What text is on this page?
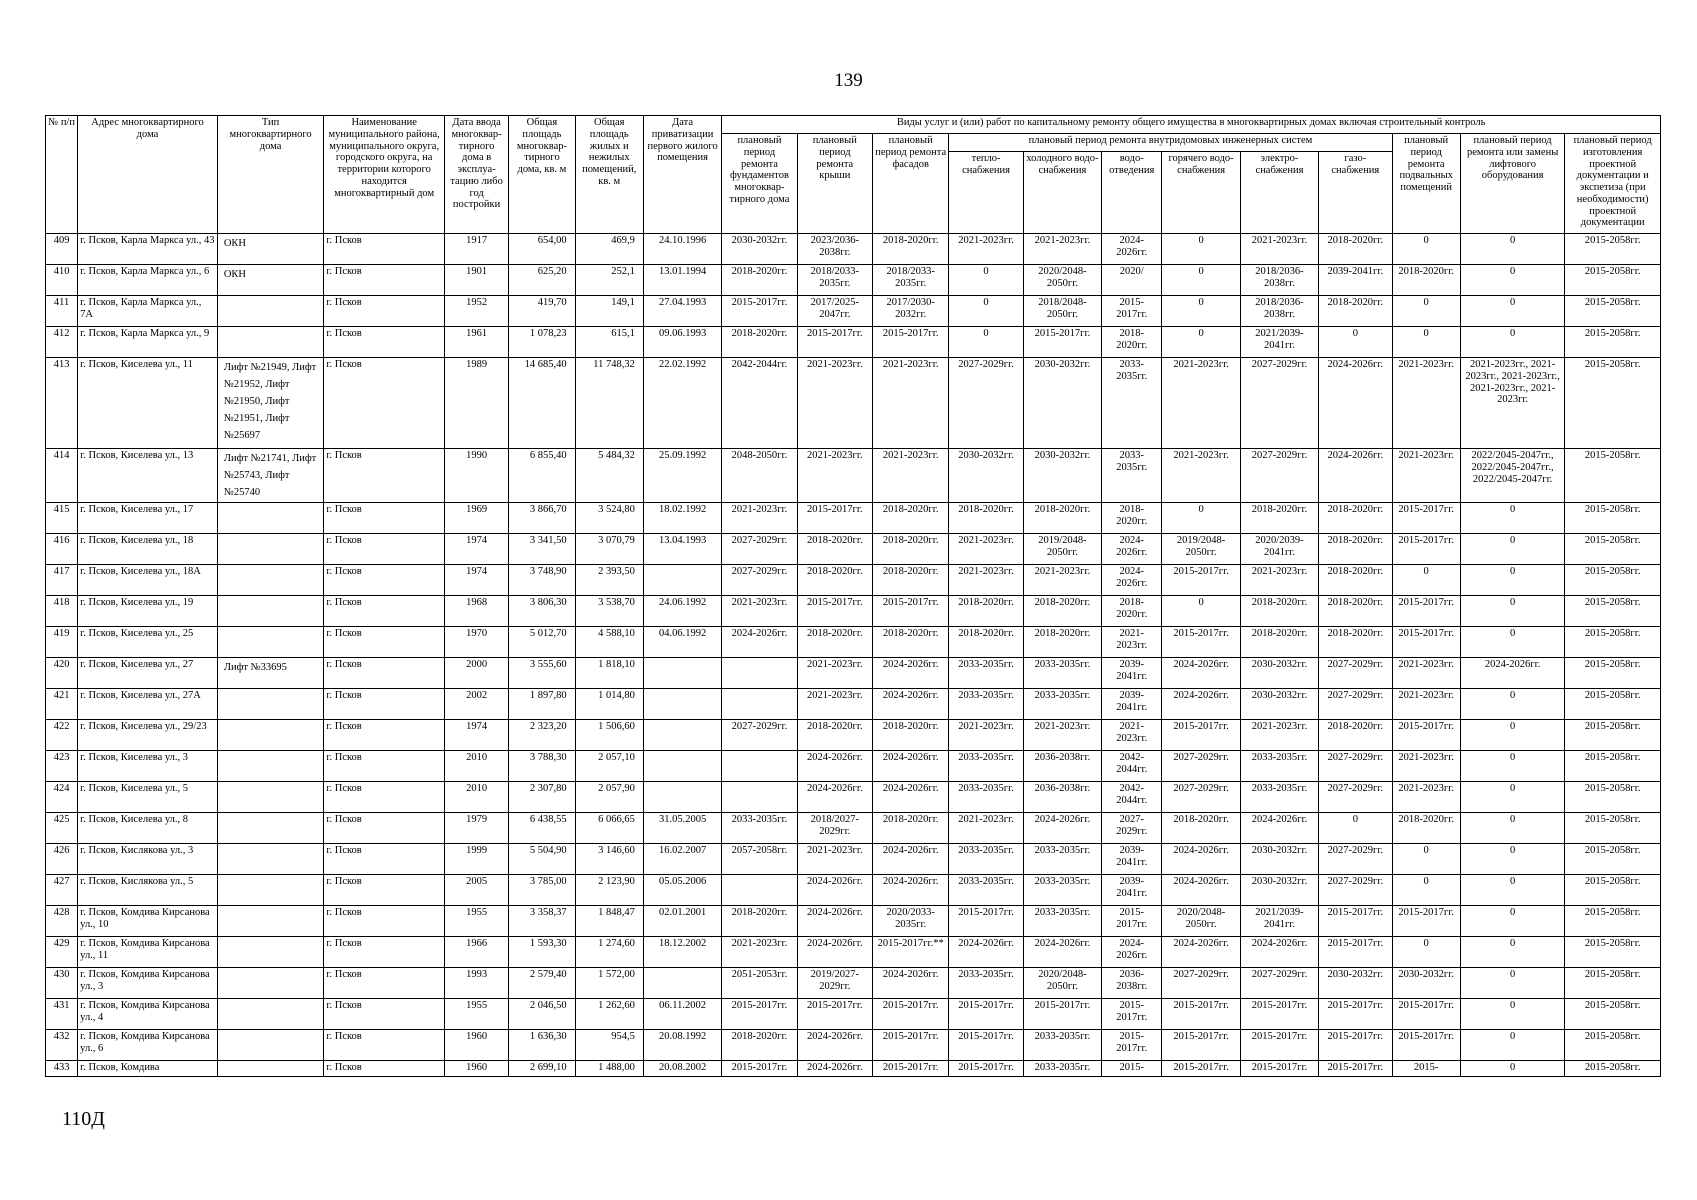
139
№ п/п	Адрес многоквартирного дома	Тип многоквартирного дома	Наименование муниципального района, муниципального округа, городского округа, на территории которого находится многоквартирный дом	Дата ввода многоквар-тирного дома в эксплуа-тацию либо год постройки	Общая площадь многоквар-тирного дома, кв. м	Общая площадь жилых и нежилых помещений, кв. м	Дата приватизации первого жилого помещения	Виды услуг и (или) работ по капитальному ремонту общего имущества в многоквартирных домах включая строительный контроль											
								плановый период ремонта фундаментов многоквар-тирного дома	плановый период ремонта крыши	плановый период ремонта фасадов	плановый период ремонта внутридомовых инженерных систем						плановый период ремонта подвальных помещений	плановый период ремонта или замены лифтового оборудования	плановый период изготовления проектной документации и экспетиза (при необходимости) проектной документации
											тепло-снабжения	холодного водо-снабжения	водо-отведения	горячего водо-снабжения	электро-снабжения	газо-снабжения			
409	г. Псков, Карла Маркса ул., 43	ОКН	г. Псков	1917	654,00	469,9	24.10.1996	2030-2032гг.	2023/2036-2038гг.	2018-2020гг.	2021-2023гг.	2021-2023гг.	2024-2026гг.	0	2021-2023гг.	2018-2020гг.	0	0	2015-2058гг.
410	г. Псков, Карла Маркса ул., 6	ОКН	г. Псков	1901	625,20	252,1	13.01.1994	2018-2020гг.	2018/2033-2035гг.	2018/2033-2035гг.	0	2020/2048-2050гг.	2020/	0	2018/2036-2038гг.	2039-2041гг.	2018-2020гг.	0	2015-2058гг.
411	г. Псков, Карла Маркса ул., 7А		г. Псков	1952	419,70	149,1	27.04.1993	2015-2017гг.	2017/2025-2047гг.	2017/2030-2032гг.	0	2018/2048-2050гг.	2015-2017гг.	0	2018/2036-2038гг.	2018-2020гг.	0	0	2015-2058гг.
412	г. Псков, Карла Маркса ул., 9		г. Псков	1961	1 078,23	615,1	09.06.1993	2018-2020гг.	2015-2017гг.	2015-2017гг.	0	2015-2017гг.	2018-2020гг.	0	2021/2039-2041гг.	0	0	0	2015-2058гг.
413	г. Псков, Киселева ул., 11	Лифт №21949, Лифт №21952, Лифт №21950, Лифт №21951, Лифт №25697	г. Псков	1989	14 685,40	11 748,32	22.02.1992	2042-2044гг.	2021-2023гг.	2021-2023гг.	2027-2029гг.	2030-2032гг.	2033-2035гг.	2021-2023гг.	2027-2029гг.	2024-2026гг.	2021-2023гг.	2021-2023гг., 2021-2023гг., 2021-2023гг., 2021-2023гг., 2021-2023гг.	2015-2058гг.
414	г. Псков, Киселева ул., 13	Лифт №21741, Лифт №25743, Лифт №25740	г. Псков	1990	6 855,40	5 484,32	25.09.1992	2048-2050гг.	2021-2023гг.	2021-2023гг.	2030-2032гг.	2030-2032гг.	2033-2035гг.	2021-2023гг.	2027-2029гг.	2024-2026гг.	2021-2023гг.	2022/2045-2047гг., 2022/2045-2047гг., 2022/2045-2047гг.	2015-2058гг.
415	г. Псков, Киселева ул., 17		г. Псков	1969	3 866,70	3 524,80	18.02.1992	2021-2023гг.	2015-2017гг.	2018-2020гг.	2018-2020гг.	2018-2020гг.	2018-2020гг.	0	2018-2020гг.	2018-2020гг.	2015-2017гг.	0	2015-2058гг.
416	г. Псков, Киселева ул., 18		г. Псков	1974	3 341,50	3 070,79	13.04.1993	2027-2029гг.	2018-2020гг.	2018-2020гг.	2021-2023гг.	2019/2048-2050гг.	2024-2026гг.	2019/2048-2050гг.	2020/2039-2041гг.	2018-2020гг.	2015-2017гг.	0	2015-2058гг.
417	г. Псков, Киселева ул., 18А		г. Псков	1974	3 748,90	2 393,50		2027-2029гг.	2018-2020гг.	2018-2020гг.	2021-2023гг.	2021-2023гг.	2024-2026гг.	2015-2017гг.	2021-2023гг.	2018-2020гг.	0	0	2015-2058гг.
418	г. Псков, Киселева ул., 19		г. Псков	1968	3 806,30	3 538,70	24.06.1992	2021-2023гг.	2015-2017гг.	2015-2017гг.	2018-2020гг.	2018-2020гг.	2018-2020гг.	0	2018-2020гг.	2018-2020гг.	2015-2017гг.	0	2015-2058гг.
419	г. Псков, Киселева ул., 25		г. Псков	1970	5 012,70	4 588,10	04.06.1992	2024-2026гг.	2018-2020гг.	2018-2020гг.	2018-2020гг.	2018-2020гг.	2021-2023гг.	2015-2017гг.	2018-2020гг.	2018-2020гг.	2015-2017гг.	0	2015-2058гг.
420	г. Псков, Киселева ул., 27	Лифт №33695	г. Псков	2000	3 555,60	1 818,10			2021-2023гг.	2024-2026гг.	2033-2035гг.	2033-2035гг.	2039-2041гг.	2024-2026гг.	2030-2032гг.	2027-2029гг.	2021-2023гг.	2024-2026гг.	2015-2058гг.
421	г. Псков, Киселева ул., 27А		г. Псков	2002	1 897,80	1 014,80			2021-2023гг.	2024-2026гг.	2033-2035гг.	2033-2035гг.	2039-2041гг.	2024-2026гг.	2030-2032гг.	2027-2029гг.	2021-2023гг.	0	2015-2058гг.
422	г. Псков, Киселева ул., 29/23		г. Псков	1974	2 323,20	1 506,60		2027-2029гг.	2018-2020гг.	2018-2020гг.	2021-2023гг.	2021-2023гг.	2021-2023гг.	2015-2017гг.	2021-2023гг.	2018-2020гг.	2015-2017гг.	0	2015-2058гг.
423	г. Псков, Киселева ул., 3		г. Псков	2010	3 788,30	2 057,10			2024-2026гг.	2024-2026гг.	2033-2035гг.	2036-2038гг.	2042-2044гг.	2027-2029гг.	2033-2035гг.	2027-2029гг.	2021-2023гг.	0	2015-2058гг.
424	г. Псков, Киселева ул., 5		г. Псков	2010	2 307,80	2 057,90			2024-2026гг.	2024-2026гг.	2033-2035гг.	2036-2038гг.	2042-2044гг.	2027-2029гг.	2033-2035гг.	2027-2029гг.	2021-2023гг.	0	2015-2058гг.
425	г. Псков, Киселева ул., 8		г. Псков	1979	6 438,55	6 066,65	31.05.2005	2033-2035гг.	2018/2027-2029гг.	2018-2020гг.	2021-2023гг.	2024-2026гг.	2027-2029гг.	2018-2020гг.	2024-2026гг.	0	2018-2020гг.	0	2015-2058гг.
426	г. Псков, Кислякова ул., 3		г. Псков	1999	5 504,90	3 146,60	16.02.2007	2057-2058гг.	2021-2023гг.	2024-2026гг.	2033-2035гг.	2033-2035гг.	2039-2041гг.	2024-2026гг.	2030-2032гг.	2027-2029гг.	0	0	2015-2058гг.
427	г. Псков, Кислякова ул., 5		г. Псков	2005	3 785,00	2 123,90	05.05.2006		2024-2026гг.	2024-2026гг.	2033-2035гг.	2033-2035гг.	2039-2041гг.	2024-2026гг.	2030-2032гг.	2027-2029гг.	0	0	2015-2058гг.
428	г. Псков, Комдива Кирсанова ул., 10		г. Псков	1955	3 358,37	1 848,47	02.01.2001	2018-2020гг.	2024-2026гг.	2020/2033-2035гг.	2015-2017гг.	2033-2035гг.	2015-2017гг.	2020/2048-2050гг.	2021/2039-2041гг.	2015-2017гг.	2015-2017гг.	0	2015-2058гг.
429	г. Псков, Комдива Кирсанова ул., 11		г. Псков	1966	1 593,30	1 274,60	18.12.2002	2021-2023гг.	2024-2026гг.	2015-2017гг.**	2024-2026гг.	2024-2026гг.	2024-2026гг.	2024-2026гг.	2024-2026гг.	2015-2017гг.	0	0	2015-2058гг.
430	г. Псков, Комдива Кирсанова ул., 3		г. Псков	1993	2 579,40	1 572,00		2051-2053гг.	2019/2027-2029гг.	2024-2026гг.	2033-2035гг.	2020/2048-2050гг.	2036-2038гг.	2027-2029гг.	2027-2029гг.	2030-2032гг.	2030-2032гг.	0	2015-2058гг.
431	г. Псков, Комдива Кирсанова ул., 4		г. Псков	1955	2 046,50	1 262,60	06.11.2002	2015-2017гг.	2015-2017гг.	2015-2017гг.	2015-2017гг.	2015-2017гг.	2015-2017гг.	2015-2017гг.	2015-2017гг.	2015-2017гг.	2015-2017гг.	0	2015-2058гг.
432	г. Псков, Комдива Кирсанова ул., 6		г. Псков	1960	1 636,30	954,5	20.08.1992	2018-2020гг.	2024-2026гг.	2015-2017гг.	2015-2017гг.	2033-2035гг.	2015-2017гг.	2015-2017гг.	2015-2017гг.	2015-2017гг.	2015-2017гг.	0	2015-2058гг.
433	г. Псков, Комдива		г. Псков	1960	2 699,10	1 488,00	20.08.2002	2015-2017гг.	2024-2026гг.	2015-2017гг.	2015-2017гг.	2033-2035гг.	2015-	2015-2017гг.	2015-2017гг.	2015-2017гг.	2015-	0	2015-2058гг.
110Д
